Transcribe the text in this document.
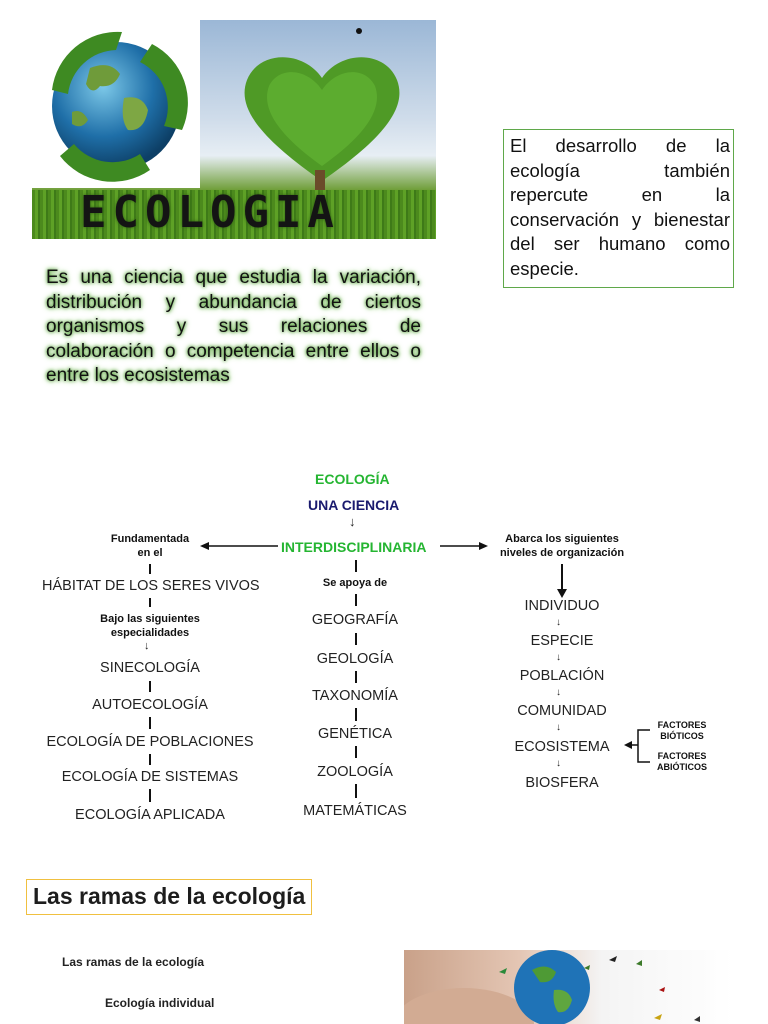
ECOLOGIA
Es una ciencia que estudia la variación, distribución y abundancia de ciertos organismos y sus relaciones de colaboración o competencia entre ellos o entre los ecosistemas
El desarrollo de la ecología también repercute en la conservación y bienestar del ser humano como especie.
ECOLOGÍA
UNA CIENCIA
↓
INTERDISCIPLINARIA
Fundamentada
en el
HÁBITAT DE LOS SERES VIVOS
Bajo las siguientes
especialidades
↓
SINECOLOGÍA
AUTOECOLOGÍA
ECOLOGÍA DE POBLACIONES
ECOLOGÍA DE SISTEMAS
ECOLOGÍA APLICADA
Se apoya de
GEOGRAFÍA
GEOLOGÍA
TAXONOMÍA
GENÉTICA
ZOOLOGÍA
MATEMÁTICAS
Abarca los siguientes
niveles de organización
INDIVIDUO
↓
ESPECIE
↓
POBLACIÓN
↓
COMUNIDAD
↓
ECOSISTEMA
↓
BIOSFERA
FACTORES
BIÓTICOS
FACTORES
ABIÓTICOS
Las ramas de la ecología
Las ramas de la ecología
Ecología individual
